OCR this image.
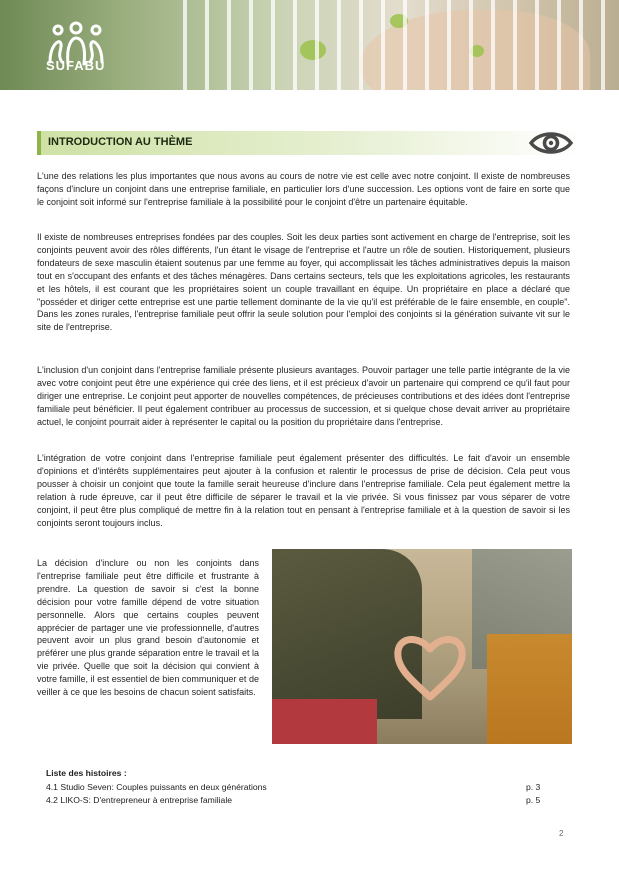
SUFABU
INTRODUCTION AU THÈME

L'une des relations les plus importantes que nous avons au cours de notre vie est celle avec notre conjoint. Il existe de nombreuses façons d'inclure un conjoint dans une entreprise familiale, en particulier lors d'une succession. Les options vont de faire en sorte que le conjoint soit informé sur l'entreprise familiale à la possibilité pour le conjoint d'être un partenaire équitable.

Il existe de nombreuses entreprises fondées par des couples. Soit les deux parties sont activement en charge de l'entreprise, soit les conjoints peuvent avoir des rôles différents, l'un étant le visage de l'entreprise et l'autre un rôle de soutien. Historiquement, plusieurs fondateurs de sexe masculin étaient soutenus par une femme au foyer, qui accomplissait les tâches administratives depuis la maison tout en s'occupant des enfants et des tâches ménagères. Dans certains secteurs, tels que les exploitations agricoles, les restaurants et les hôtels, il est courant que les propriétaires soient un couple travaillant en équipe. Un propriétaire en place a déclaré que "posséder et diriger cette entreprise est une partie tellement dominante de la vie qu'il est préférable de le faire ensemble, en couple". Dans les zones rurales, l'entreprise familiale peut offrir la seule solution pour l'emploi des conjoints si la génération suivante vit sur le site de l'entreprise.

L'inclusion d'un conjoint dans l'entreprise familiale présente plusieurs avantages. Pouvoir partager une telle partie intégrante de la vie avec votre conjoint peut être une expérience qui crée des liens, et il est précieux d'avoir un partenaire qui comprend ce qu'il faut pour diriger une entreprise. Le conjoint peut apporter de nouvelles compétences, de précieuses contributions et des idées dont l'entreprise familiale peut bénéficier. Il peut également contribuer au processus de succession, et si quelque chose devait arriver au propriétaire actuel, le conjoint pourrait aider à représenter le capital ou la position du propriétaire dans l'entreprise.

L'intégration de votre conjoint dans l'entreprise familiale peut également présenter des difficultés. Le fait d'avoir un ensemble d'opinions et d'intérêts supplémentaires peut ajouter à la confusion et ralentir le processus de prise de décision. Cela peut vous pousser à choisir un conjoint que toute la famille serait heureuse d'inclure dans l'entreprise familiale. Cela peut également mettre la relation à rude épreuve, car il peut être difficile de séparer le travail et la vie privée. Si vous finissez par vous séparer de votre conjoint, il peut être plus compliqué de mettre fin à la relation tout en pensant à l'entreprise familiale et à la question de savoir si les conjoints seront toujours inclus.

La décision d'inclure ou non les conjoints dans l'entreprise familiale peut être difficile et frustrante à prendre. La question de savoir si c'est la bonne décision pour votre famille dépend de votre situation personnelle. Alors que certains couples peuvent apprécier de partager une vie professionnelle, d'autres peuvent avoir un plus grand besoin d'autonomie et préférer une plus grande séparation entre le travail et la vie privée. Quelle que soit la décision qui convient à votre famille, il est essentiel de bien communiquer et de veiller à ce que les besoins de chacun soient satisfaits.

Liste des histoires :
4.1 Studio Seven: Couples puissants en deux générations	p. 3
4.2 LIKO-S: D'entrepreneur à entreprise familiale	p. 5
2
